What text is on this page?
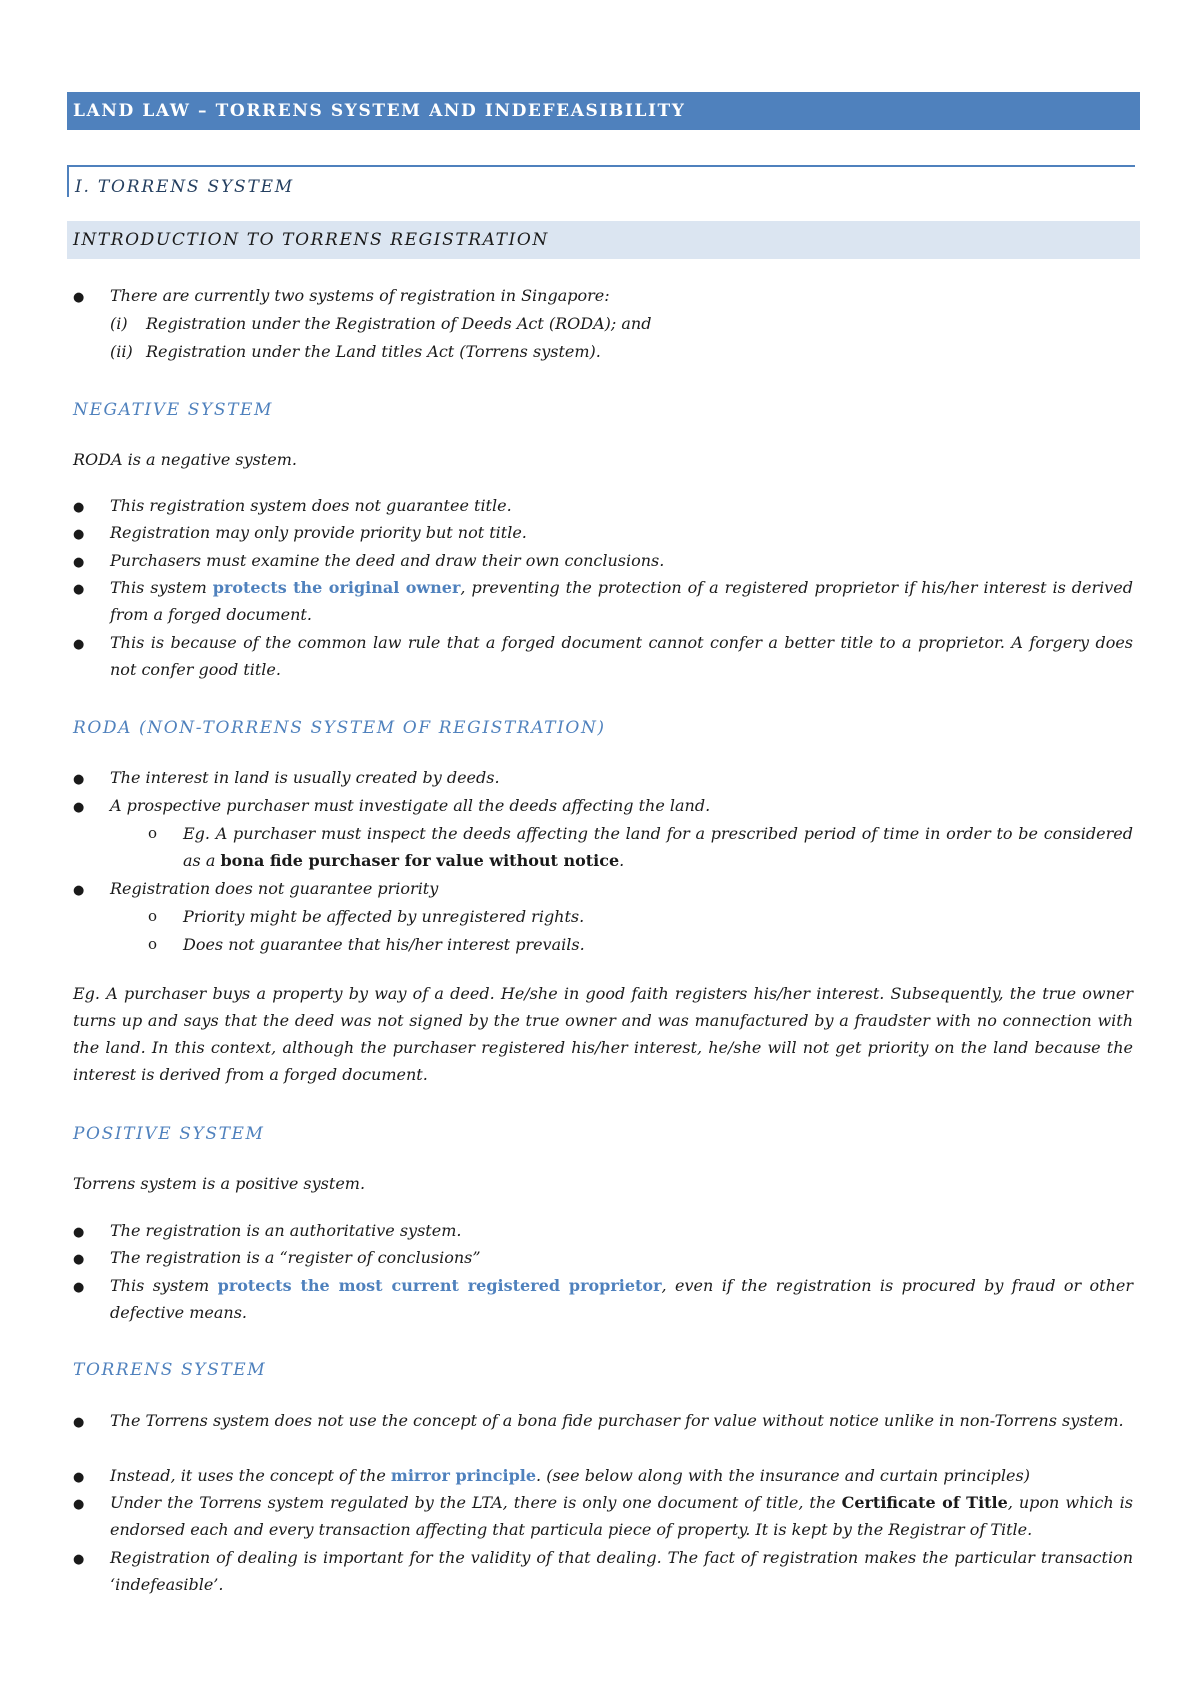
LAND LAW – TORRENS SYSTEM AND INDEFEASIBILITY
I. TORRENS SYSTEM
INTRODUCTION TO TORRENS REGISTRATION
● There are currently two systems of registration in Singapore:
(i) Registration under the Registration of Deeds Act (RODA); and
(ii) Registration under the Land titles Act (Torrens system).
NEGATIVE SYSTEM
RODA is a negative system.
● This registration system does not guarantee title.
● Registration may only provide priority but not title.
● Purchasers must examine the deed and draw their own conclusions.
● This system protects the original owner, preventing the protection of a registered proprietor if his/her interest is derived from a forged document.
● This is because of the common law rule that a forged document cannot confer a better title to a proprietor. A forgery does not confer good title.
RODA (NON-TORRENS SYSTEM OF REGISTRATION)
● The interest in land is usually created by deeds.
● A prospective purchaser must investigate all the deeds affecting the land.
o Eg. A purchaser must inspect the deeds affecting the land for a prescribed period of time in order to be considered as a bona fide purchaser for value without notice.
● Registration does not guarantee priority
o Priority might be affected by unregistered rights.
o Does not guarantee that his/her interest prevails.
Eg. A purchaser buys a property by way of a deed. He/she in good faith registers his/her interest. Subsequently, the true owner turns up and says that the deed was not signed by the true owner and was manufactured by a fraudster with no connection with the land. In this context, although the purchaser registered his/her interest, he/she will not get priority on the land because the interest is derived from a forged document.
POSITIVE SYSTEM
Torrens system is a positive system.
● The registration is an authoritative system.
● The registration is a “register of conclusions”
● This system protects the most current registered proprietor, even if the registration is procured by fraud or other defective means.
TORRENS SYSTEM
● The Torrens system does not use the concept of a bona fide purchaser for value without notice unlike in non-Torrens system.
● Instead, it uses the concept of the mirror principle. (see below along with the insurance and curtain principles)
● Under the Torrens system regulated by the LTA, there is only one document of title, the Certificate of Title, upon which is endorsed each and every transaction affecting that particula piece of property. It is kept by the Registrar of Title.
● Registration of dealing is important for the validity of that dealing. The fact of registration makes the particular transaction ‘indefeasible’.
